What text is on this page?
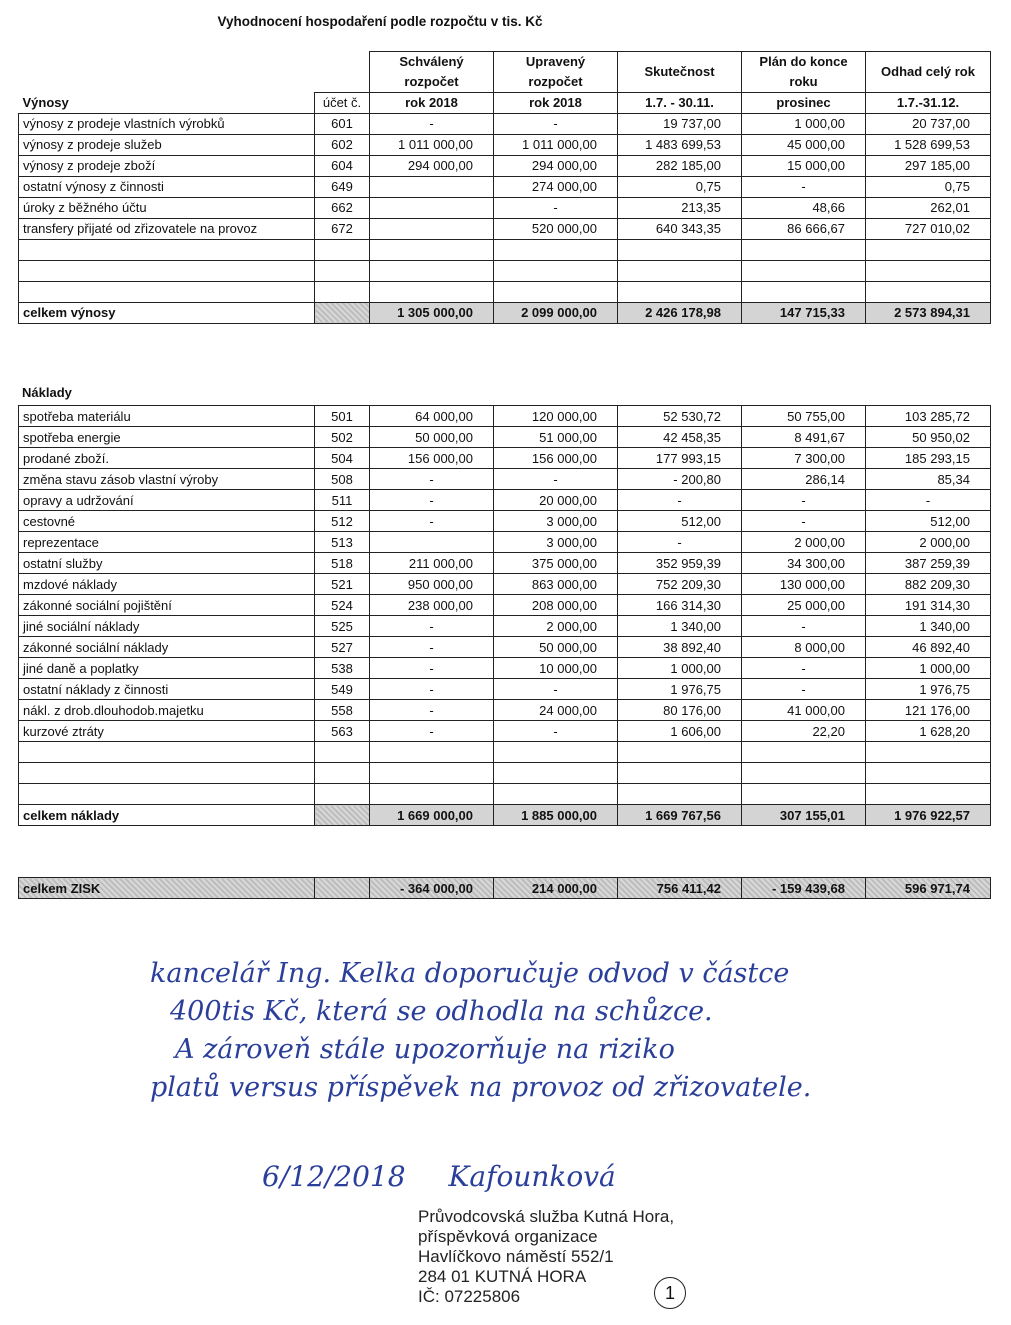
Vyhodnocení hospodaření podle rozpočtu v tis. Kč
		Schválený	Upravený	Skutečnost	Plán do konce	Odhad celý rok
		rozpočet	rozpočet		roku	
Výnosy	účet č.	rok 2018	rok 2018	1.7. - 30.11.	prosinec	1.7.-31.12.
výnosy z prodeje vlastních výrobků	601	-	-	19 737,00	1 000,00	20 737,00
výnosy z prodeje služeb	602	1 011 000,00	1 011 000,00	1 483 699,53	45 000,00	1 528 699,53
výnosy z prodeje zboží	604	294 000,00	294 000,00	282 185,00	15 000,00	297 185,00
ostatní výnosy z činnosti	649		274 000,00	0,75	-	0,75
úroky z běžného účtu	662		-	213,35	48,66	262,01
transfery přijaté od zřizovatele na provoz	672		520 000,00	640 343,35	86 666,67	727 010,02

celkem výnosy		1 305 000,00	2 099 000,00	2 426 178,98	147 715,33	2 573 894,31
Náklady
spotřeba materiálu	501	64 000,00	120 000,00	52 530,72	50 755,00	103 285,72
spotřeba energie	502	50 000,00	51 000,00	42 458,35	8 491,67	50 950,02
prodané zboží.	504	156 000,00	156 000,00	177 993,15	7 300,00	185 293,15
změna stavu zásob vlastní výroby	508	-	-	- 200,80	286,14	85,34
opravy a udržování	511	-	20 000,00	-	-	-
cestovné	512	-	3 000,00	512,00	-	512,00
reprezentace	513		3 000,00	-	2 000,00	2 000,00
ostatní služby	518	211 000,00	375 000,00	352 959,39	34 300,00	387 259,39
mzdové náklady	521	950 000,00	863 000,00	752 209,30	130 000,00	882 209,30
zákonné sociální pojištění	524	238 000,00	208 000,00	166 314,30	25 000,00	191 314,30
jiné sociální náklady	525	-	2 000,00	1 340,00	-	1 340,00
zákonné sociální náklady	527	-	50 000,00	38 892,40	8 000,00	46 892,40
jiné daně a poplatky	538	-	10 000,00	1 000,00	-	1 000,00
ostatní náklady z činnosti	549	-	-	1 976,75	-	1 976,75
nákl. z drob.dlouhodob.majetku	558	-	24 000,00	80 176,00	41 000,00	121 176,00
kurzové ztráty	563	-	-	1 606,00	22,20	1 628,20

celkem náklady		1 669 000,00	1 885 000,00	1 669 767,56	307 155,01	1 976 922,57
celkem ZISK		- 364 000,00	214 000,00	756 411,42	- 159 439,68	596 971,74
kancelář Ing. Kelka doporučuje odvod v částce
400tis Kč, která se odhodla na schůzce.
A zároveň stále upozorňuje na riziko
platů versus příspěvek na provoz od zřizovatele.
6/12/2018 Kafounková
Průvodcovská služba Kutná Hora,
příspěvková organizace
Havlíčkovo náměstí 552/1
284 01 KUTNÁ HORA
IČ: 07225806	1
